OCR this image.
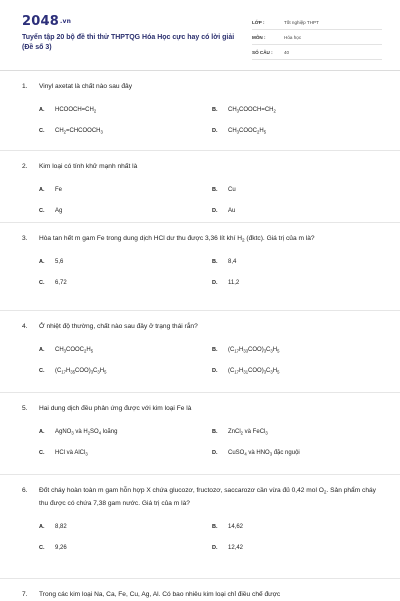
2048.vn
Tuyển tập 20 bộ đề thi thử THPTQG Hóa Học cực hay có lời giải (Đề số 3)
LỚP :	Tốt nghiệp THPT
MÔN :	Hóa học
SỐ CÂU :	40
1.	Vinyl axetat là chất nào sau đây
A.	$HCOOCH=CH_2$	B.	$CH_3COOCH=CH_2$
C.	$CH_2=CHCOOCH_3$	D.	$CH_3COOC_2H_5$
2.	Kim loại có tính khử mạnh nhất là
A.	Fe	B.	Cu
C.	Ag	D.	Au
3.	Hòa tan hết m gam Fe trong dung dịch HCl dư thu được 3,36 lít khí $H_2$ (đktc). Giá trị của m là?
A.	5,6	B.	8,4
C.	6,72	D.	11,2
4.	Ở nhiệt độ thường, chất nào sau đây ở trạng thái rắn?
A.	$CH_3COOC_2H_5$	B.	$(C_{17}H_{33}COO)_3C_3H_5$
C.	$(C_{17}H_{35}COO)_3C_3H_5$	D.	$(C_{17}H_{31}COO)_3C_3H_5$
5.	Hai dung dịch đều phản ứng được với kim loại Fe là
A.	AgNO$_3$ và $H_2SO_4$ loãng	B.	ZnCl$_2$ và FeCl$_3$
C.	HCl và AlCl$_3$	D.	CuSO$_4$ và $HNO_3$ đặc nguội
6.	Đốt cháy hoàn toàn m gam hỗn hợp X chứa glucozơ, fructozơ, saccarozơ cần vừa đủ 0,42 mol $O_2$. Sản phẩm cháy thu được có chứa 7,38 gam nước. Giá trị của m là?
A.	8,82	B.	14,62
C.	9,26	D.	12,42
7.	Trong các kim loại Na, Ca, Fe, Cu, Ag, Al. Có bao nhiêu kim loại chỉ điều chế được
